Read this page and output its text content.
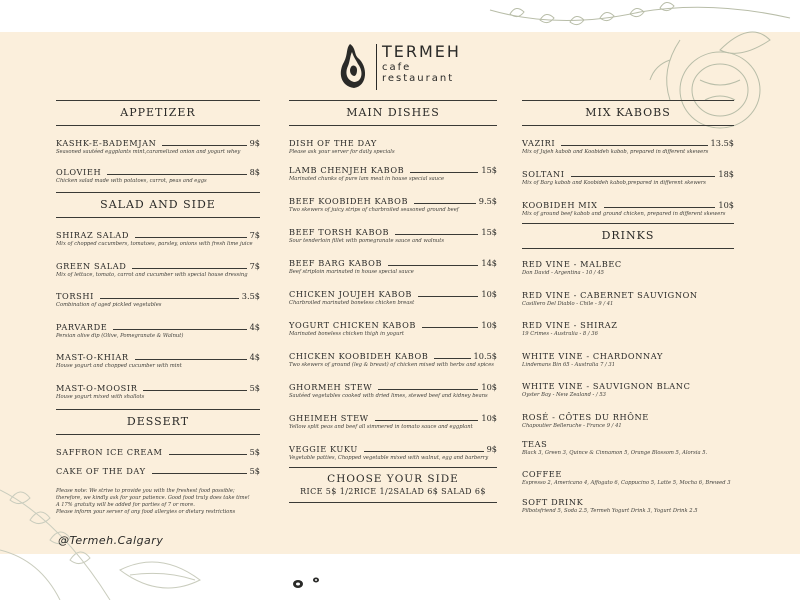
TERMEH
cafe
restaurant
APPETIZER
KASHK-E-BADEMJAN	9$
Seasoned sautéed eggplants mint,caramelized onion and yogurt whey
OLOVIEH	8$
Chicken salad made with potatoes, carrot, peas and eggs
SALAD AND SIDE
SHIRAZ SALAD	7$
Mix of chopped cucumbers, tomatoes, parsley, onions with fresh lime juice
GREEN SALAD	7$
Mix of lettuce, tomato, carrot and cucumber with special house dressing
TORSHI	3.5$
Combination of aged pickled vegetables
PARVARDE	4$
Persian olive dip (Olive, Pomegranate & Walnut)
MAST-O-KHIAR	4$
House yogurt and chopped cucumber with mint
MAST-O-MOOSIR	5$
House yogurt mixed with shallots
DESSERT
SAFFRON ICE CREAM	5$
CAKE OF THE DAY	5$
Please note: We strive to provide you with the freshest food possible;
therefore, we kindly ask for your patience. Good food truly does take time!
A 17% gratuity will be added for parties of 7 or more.
Please inform your server of any food allergies or dietary restrictions
@Termeh.Calgary
MAIN DISHES
DISH OF THE DAY
Please ask your server for daily specials
LAMB CHENJEH KABOB	15$
Marinated chunks of pure lam meat in house special sauce
BEEF KOOBIDEH KABOB	9.5$
Two skewers of juicy strips of charbroiled seasoned ground beef
BEEF TORSH KABOB	15$
Sour tenderloin fillet with pomegranate sauce and walnuts
BEEF BARG KABOB	14$
Beef striploin marinated in house special sauce
CHICKEN JOUJEH KABOB	10$
Charbroiled marinated boneless chicken breast
YOGURT CHICKEN KABOB	10$
Marinated boneless chicken thigh in yogurt
CHICKEN KOOBIDEH KABOB	10.5$
Two skewers of ground (leg & breast) of chicken mixed with herbs and spices
GHORMEH STEW	10$
Sautéed vegetables cooked with dried limes, stewed beef and kidney beans
GHEIMEH STEW	10$
Yellow split peas and beef all simmered in tomato sauce and eggplant
VEGGIE KUKU	9$
Vegetable patties, Chopped vegetable mixed with walnut, egg and barberry
CHOOSE YOUR SIDE
RICE 5$ 1/2RICE 1/2SALAD 6$ SALAD 6$
MIX KABOBS
VAZIRI	13.5$
Mix of Jujeh kabob and Koobideh kabob, prepared in different skewers
SOLTANI	18$
Mix of Barg kabob and Koobideh kabob,prepared in different skewers
KOOBIDEH MIX	10$
Mix of ground beef kabob and ground chicken, prepared in different skewers
DRINKS
RED VINE - MALBEC
Don David - Argentina - 10 / 45
RED VINE - CABERNET SAUVIGNON
Casillero Del Diablo - Chile - 9 / 41
RED VINE - SHIRAZ
19 Crimes - Australia - 8 / 36
WHITE VINE - CHARDONNAY
Lindemans Bin 65 - Australia 7 / 31
WHITE VINE - SAUVIGNON BLANC
Oyster Bay - New Zealand - / 53
ROSÉ - CÔTES DU RHÔNE
Chapoutier Belleruche - France 9 / 41
TEAS
Black 3, Green 3, Quince & Cinnamon 5, Orange Blossom 5, Alorsia 5.
COFFEE
Espresso 2, Americano 4, Affogato 6, Cappucino 5, Latte 5, Mocha 6, Brewed 3
SOFT DRINK
Pilbotsfriend 5, Soda 2.5, Termeh Yogurt Drink 3, Yogurt Drink 2.5
